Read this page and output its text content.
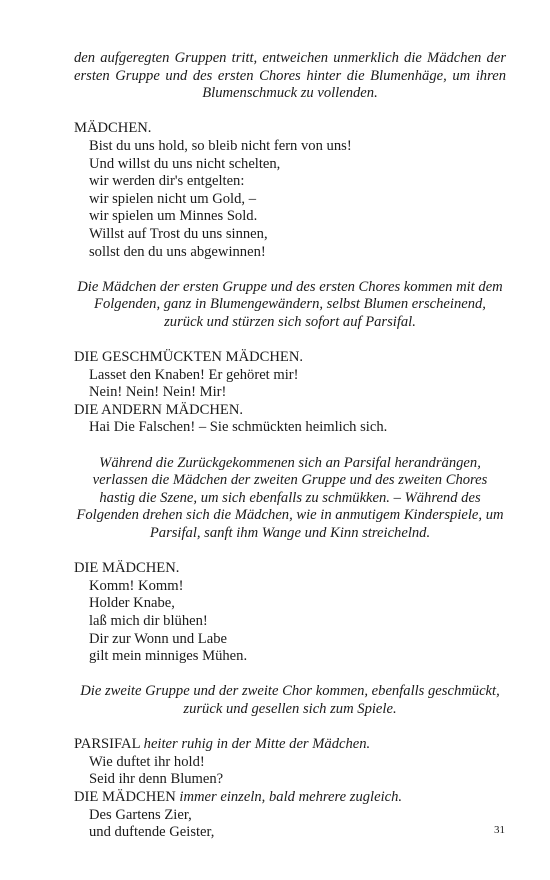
den aufgeregten Gruppen tritt, entweichen unmerklich die Mädchen der ersten Gruppe und des ersten Chores hinter die Blumenhäge, um ihren Blumenschmuck zu vollenden.

MÄDCHEN.

Bist du uns hold, so bleib nicht fern von uns!

Und willst du uns nicht schelten,

wir werden dir's entgelten:

wir spielen nicht um Gold, –

wir spielen um Minnes Sold.

Willst auf Trost du uns sinnen,

sollst den du uns abgewinnen!

Die Mädchen der ersten Gruppe und des ersten Chores kommen mit dem Folgenden, ganz in Blumengewändern, selbst Blumen erscheinend, zurück und stürzen sich sofort auf Parsifal.

DIE GESCHMÜCKTEN MÄDCHEN.

Lasset den Knaben! Er gehöret mir!

Nein! Nein! Nein! Mir!

DIE ANDERN MÄDCHEN.

Hai Die Falschen! – Sie schmückten heimlich sich.

Während die Zurückgekommenen sich an Parsifal herandrängen, verlassen die Mädchen der zweiten Gruppe und des zweiten Chores hastig die Szene, um sich ebenfalls zu schmükken. – Während des Folgenden drehen sich die Mädchen, wie in anmutigem Kinderspiele, um Parsifal, sanft ihm Wange und Kinn streichelnd.

DIE MÄDCHEN.

Komm! Komm!

Holder Knabe,

laß mich dir blühen!

Dir zur Wonn und Labe

gilt mein minniges Mühen.

Die zweite Gruppe und der zweite Chor kommen, ebenfalls geschmückt, zurück und gesellen sich zum Spiele.

PARSIFAL heiter ruhig in der Mitte der Mädchen.

Wie duftet ihr hold!

Seid ihr denn Blumen?

DIE MÄDCHEN immer einzeln, bald mehrere zugleich.

Des Gartens Zier,

und duftende Geister,	31
